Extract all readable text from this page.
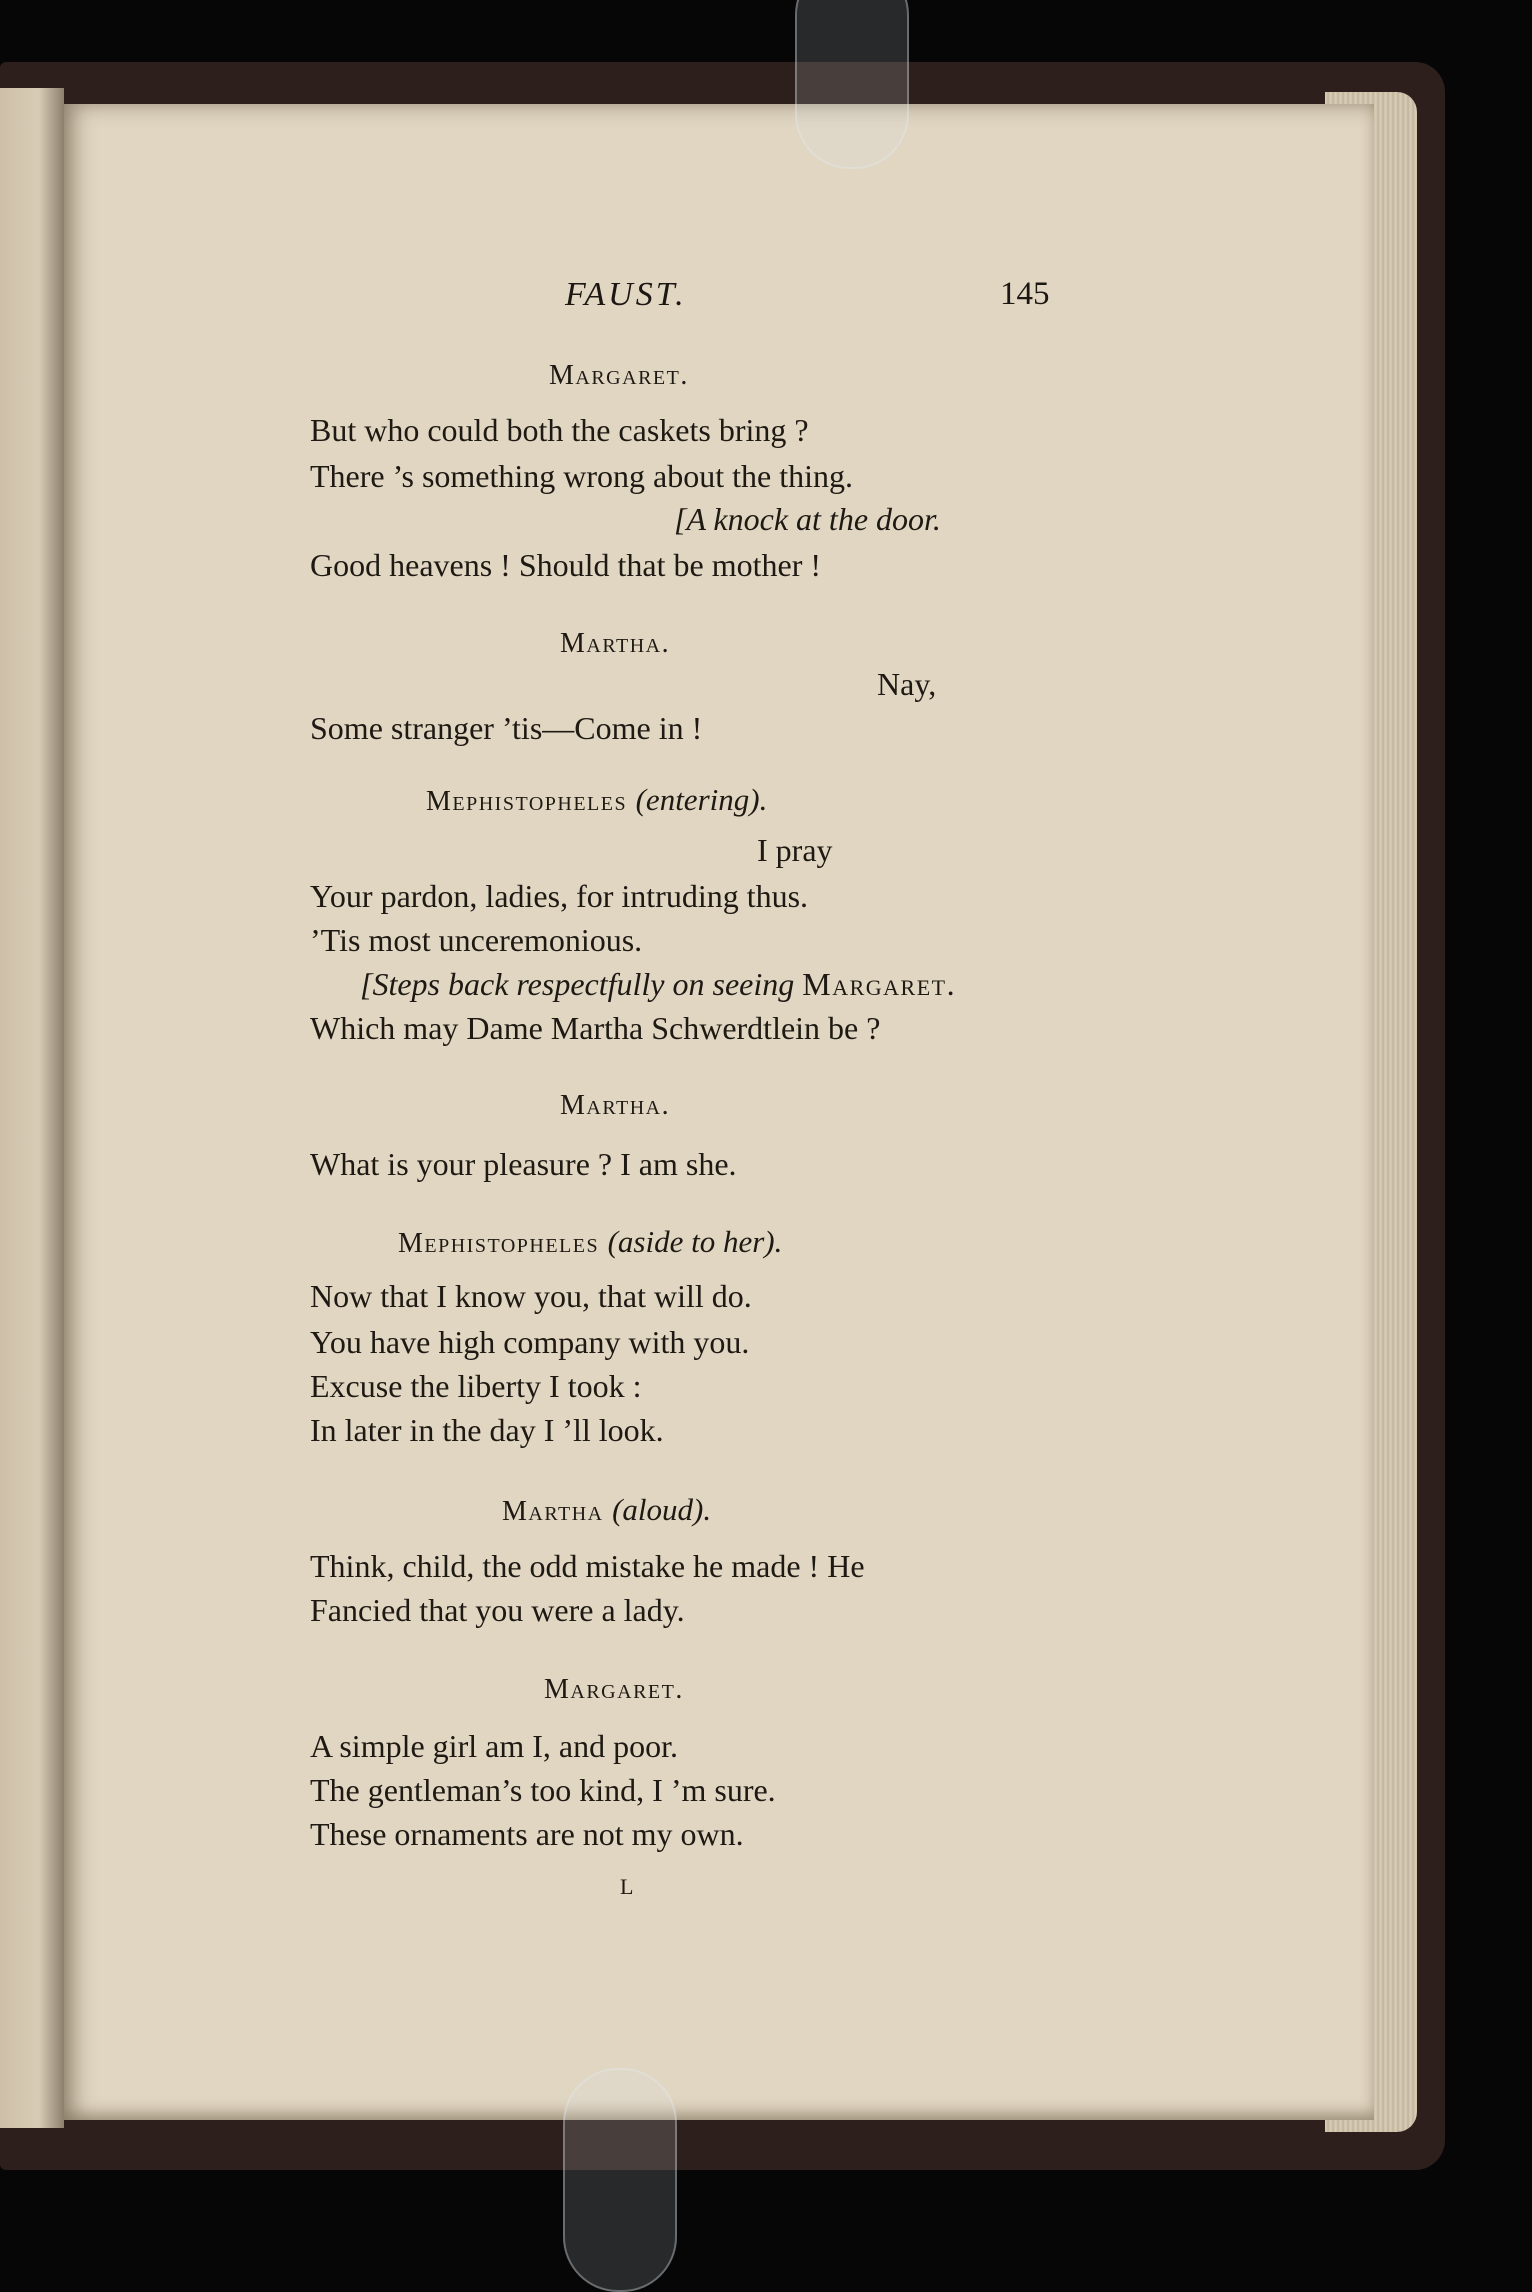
FAUST.	145
Margaret.
But who could both the caskets bring ?
There ’s something wrong about the thing.
[A knock at the door.
Good heavens ! Should that be mother !
Martha.
Nay,
Some stranger ’tis—Come in !
Mephistopheles (entering).
I pray
Your pardon, ladies, for intruding thus.
’Tis most unceremonious.
[Steps back respectfully on seeing Margaret.
Which may Dame Martha Schwerdtlein be ?
Martha.
What is your pleasure ? I am she.
Mephistopheles (aside to her).
Now that I know you, that will do.
You have high company with you.
Excuse the liberty I took :
In later in the day I ’ll look.
Martha (aloud).
Think, child, the odd mistake he made ! He
Fancied that you were a lady.
Margaret.
A simple girl am I, and poor.
The gentleman’s too kind, I ’m sure.
These ornaments are not my own.
L
